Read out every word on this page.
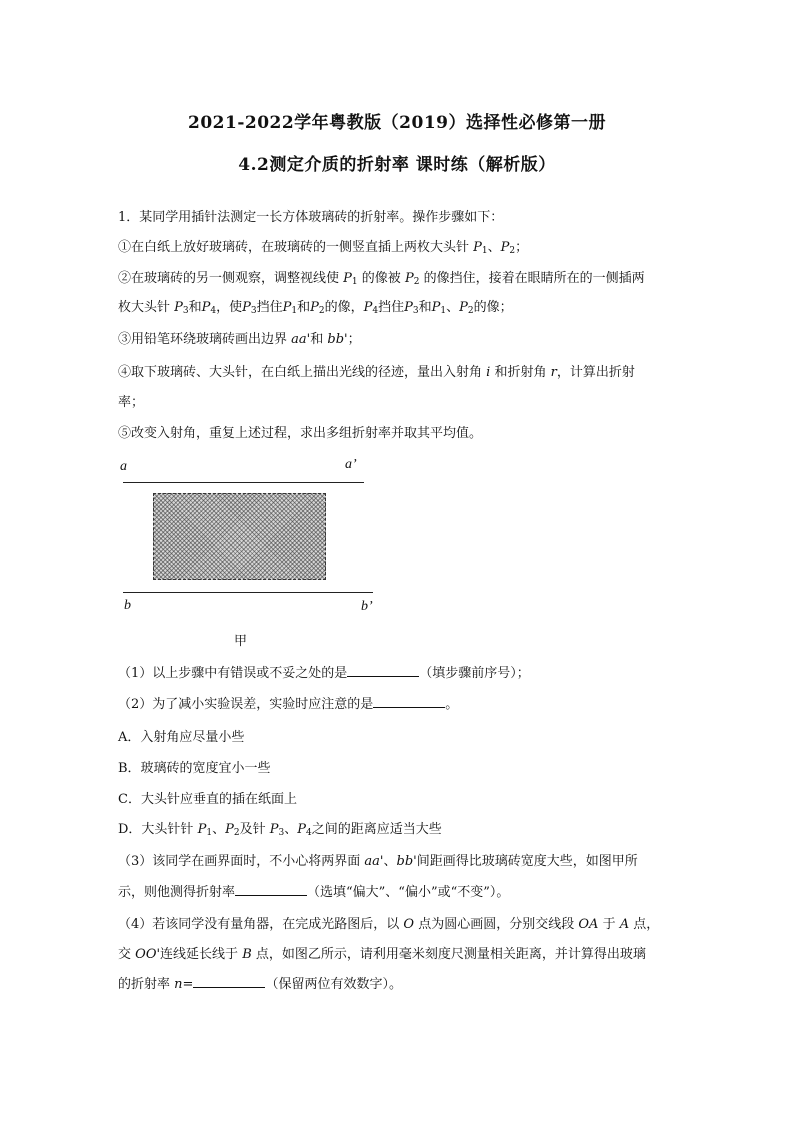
2021-2022学年粤教版（2019）选择性必修第一册
4.2测定介质的折射率 课时练（解析版）
1．某同学用插针法测定一长方体玻璃砖的折射率。操作步骤如下：
①在白纸上放好玻璃砖，在玻璃砖的一侧竖直插上两枚大头针 $P_1$、$P_2$；
②在玻璃砖的另一侧观察，调整视线使 $P_1$ 的像被 $P_2$ 的像挡住，接着在眼睛所在的一侧插两
枚大头针 $P_3$和$P_4$，使$P_3$挡住$P_1$和$P_2$的像，$P_4$挡住$P_3$和$P_1$、$P_2$的像；
③用铅笔环绕玻璃砖画出边界 aa'和 bb'；
④取下玻璃砖、大头针，在白纸上描出光线的径迹，量出入射角 i 和折射角 r，计算出折射
率；
⑤改变入射角，重复上述过程，求出多组折射率并取其平均值。
a	a’
b	b’
甲
（1）以上步骤中有错误或不妥之处的是	（填步骤前序号）；
（2）为了减小实验误差，实验时应注意的是	。
A．入射角应尽量小些
B．玻璃砖的宽度宜小一些
C．大头针应垂直的插在纸面上
D．大头针针 $P_1$、$P_2$及针 $P_3$、$P_4$之间的距离应适当大些
（3）该同学在画界面时，不小心将两界面 aa'、bb'间距画得比玻璃砖宽度大些，如图甲所
示，则他测得折射率	（选填“偏大”、“偏小”或“不变”）。
（4）若该同学没有量角器，在完成光路图后，以 O 点为圆心画圆，分别交线段 OA 于 A 点，
交 OO'连线延长线于 B 点，如图乙所示，请利用毫米刻度尺测量相关距离，并计算得出玻璃
的折射率 n=	（保留两位有效数字）。
